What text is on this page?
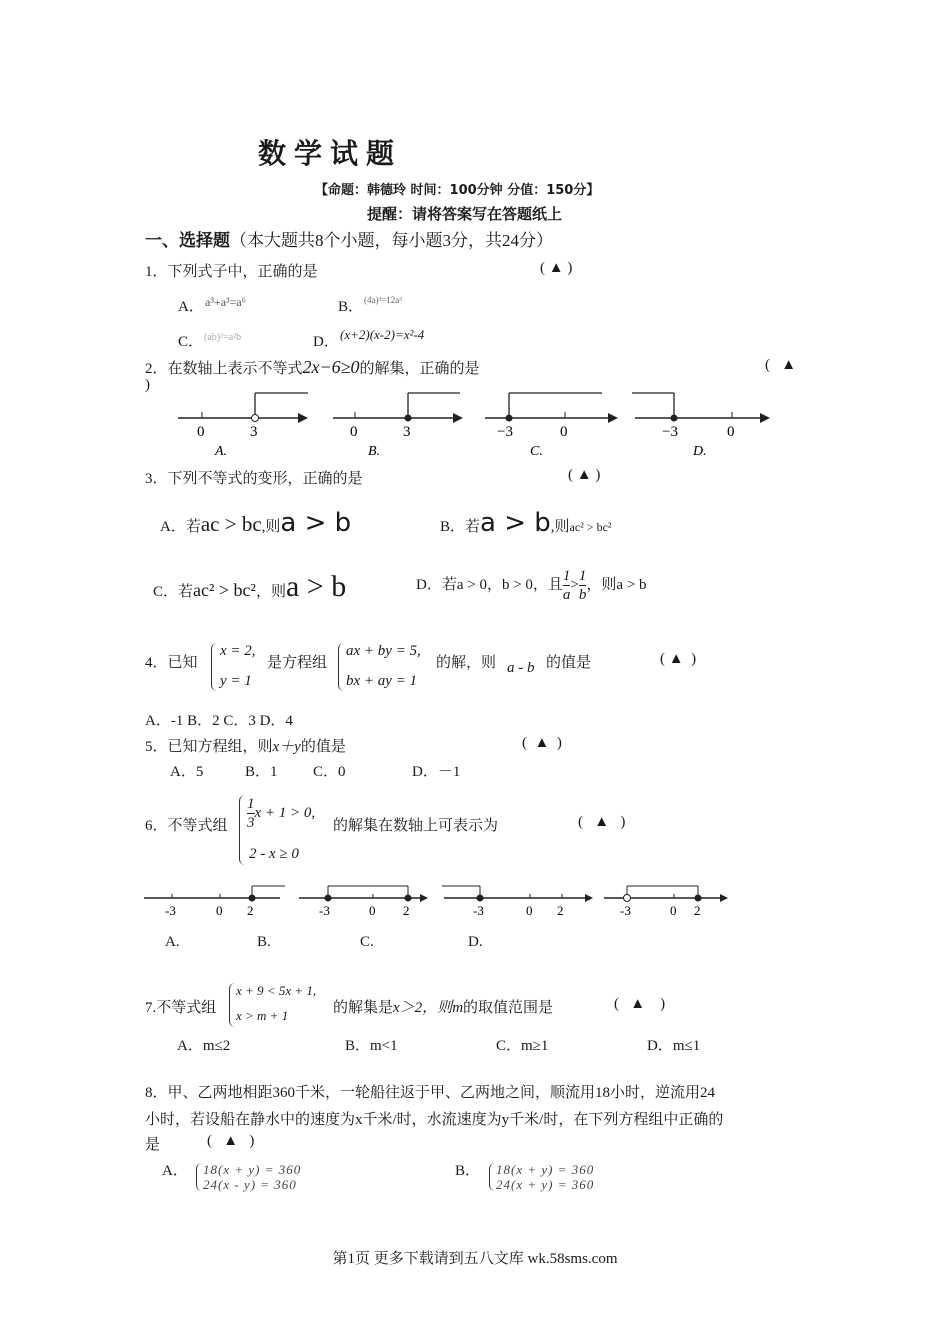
数学试题
【命题：韩德玲 时间：100分钟 分值：150分】
提醒：请将答案写在答题纸上
一、选择题（本大题共8个小题，每小题3分，共24分）
1．下列式子中，正确的是	( ▲ )
A． a³+a³=a⁶	B． (4a)³=12a³
C． (ab)²=a²b	D． (x+2)(x-2)=x²-4
2．在数轴上表示不等式2x−6≥0的解集，正确的是	(   ▲
)
0	3
A.
0	3
B.
−3	0
C.
−3	0
D.
3．下列不等式的变形，正确的是	( ▲ )
A．若ac > bc,则a > b	B．若a > b,则ac² > bc²
C．若ac² > bc²，则a > b	D．若a > 0，b > 0，且 $\frac{1}{a} > \frac{1}{b}$ ，则a > b
4．已知
x = 2,
y = 1
是方程组
ax + by = 5,
bx + ay = 1
的解，则 a - b 的值是	( ▲  )
A．-1 B．2 C．3 D．4
5．已知方程组，则x＋y的值是	(  ▲  )
A．5	B．1 C．0	D．－1
6．不等式组 $\frac{1}{3}$ x + 1 > 0,
2 - x ≥ 0
的解集在数轴上可表示为	(   ▲   )
-3	0 2	-3	0 2	-3	0 2	-3	0 2
A.	B.	C.	D.
7.不等式组
x + 9 < 5x + 1,
x > m + 1	的解集是x＞2，则m的取值范围是	(   ▲    )
A．m≤2	B．m<1	C．m≥1	D．m≤1
8．甲、乙两地相距360千米，一轮船往返于甲、乙两地之间，顺流用18小时，逆流用24
小时，若设船在静水中的速度为x千米/时，水流速度为y千米/时，在下列方程组中正确的
是	(   ▲   )
A． 18(x + y) = 360
24(x - y) = 360
B． 18(x + y) = 360
24(x + y) = 360
第1页 更多下载请到五八文库 wk.58sms.com
